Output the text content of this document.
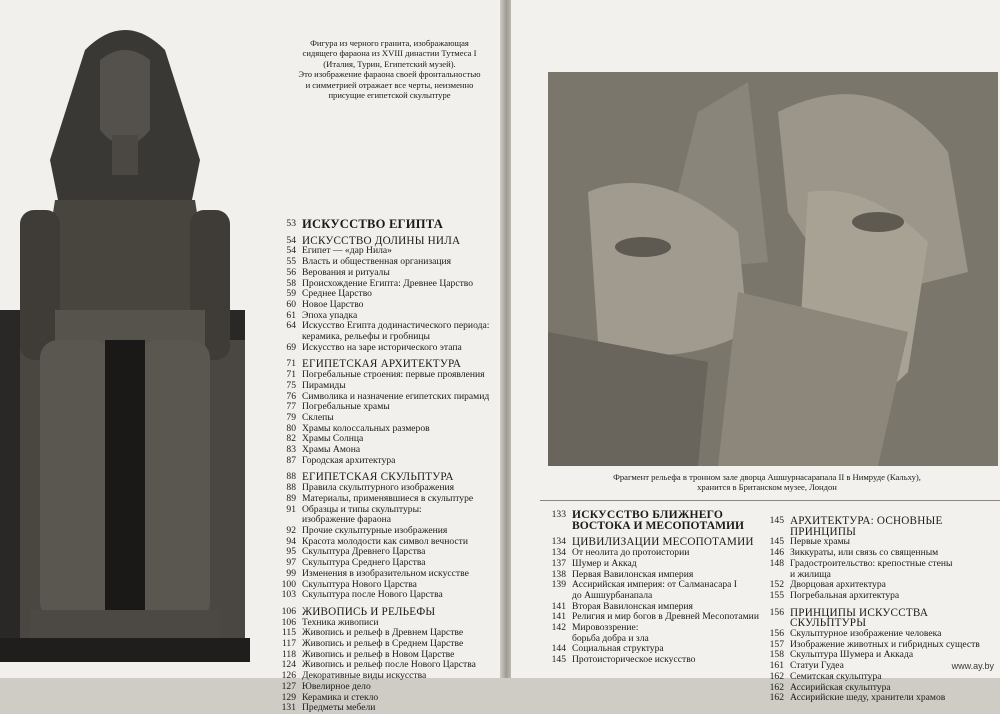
Фигура из черного гранита, изображающая
сидящего фараона из XVIII династии Тутмеса I
(Италия, Турин, Египетский музей).
Это изображение фараона своей фронтальностью
и симметрией отражает все черты, неизменно
присущие египетской скульптуре
53 ИСКУССТВО ЕГИПТА
54 ИСКУССТВО ДОЛИНЫ НИЛА
54 Египет — «дар Нила»
55 Власть и общественная организация
56 Верования и ритуалы
58 Происхождение Египта: Древнее Царство
59 Среднее Царство
60 Новое Царство
61 Эпоха упадка
64 Искусство Египта додинастического периода:
керамика, рельефы и гробницы
69 Искусство на заре исторического этапа
71 ЕГИПЕТСКАЯ АРХИТЕКТУРА
71 Погребальные строения: первые проявления
75 Пирамиды
76 Символика и назначение египетских пирамид
77 Погребальные храмы
79 Склепы
80 Храмы колоссальных размеров
82 Храмы Солнца
83 Храмы Амона
87 Городская архитектура
88 ЕГИПЕТСКАЯ СКУЛЬПТУРА
88 Правила скульптурного изображения
89 Материалы, применявшиеся в скульптуре
91 Образцы и типы скульптуры:
изображение фараона
92 Прочие скульптурные изображения
94 Красота молодости как символ вечности
95 Скульптура Древнего Царства
97 Скульптура Среднего Царства
99 Изменения в изобразительном искусстве
100 Скульптура Нового Царства
103 Скульптура после Нового Царства
106 ЖИВОПИСЬ И РЕЛЬЕФЫ
106 Техника живописи
115 Живопись и рельеф в Древнем Царстве
117 Живопись и рельеф в Среднем Царстве
118 Живопись и рельеф в Новом Царстве
124 Живопись и рельеф после Нового Царства
126 Декоративные виды искусства
127 Ювелирное дело
129 Керамика и стекло
131 Предметы мебели
Фрагмент рельефа в тронном зале дворца Ашшурнасарапала II в Нимруде (Кальху),
хранится в Британском музее, Лондон
133 ИСКУССТВО БЛИЖНЕГО
ВОСТОКА И МЕСОПОТАМИИ
134 ЦИВИЛИЗАЦИИ МЕСОПОТАМИИ
134 От неолита до протоистории
137 Шумер и Аккад
138 Первая Вавилонская империя
139 Ассирийская империя: от Салманасара I
до Ашшурбанапала
141 Вторая Вавилонская империя
141 Религия и мир богов в Древней Месопотамии
142 Мировоззрение:
борьба добра и зла
144 Социальная структура
145 Протоисторическое искусство
145 АРХИТЕКТУРА: ОСНОВНЫЕ ПРИНЦИПЫ
145 Первые храмы
146 Зиккураты, или связь со священным
148 Градостроительство: крепостные стены
и жилища
152 Дворцовая архитектура
155 Погребальная архитектура
156 ПРИНЦИПЫ ИСКУССТВА СКУЛЬПТУРЫ
156 Скульптурное изображение человека
157 Изображение животных и гибридных существ
158 Скульптура Шумера и Аккада
161 Статуи Гудеа
162 Семитская скульптура
162 Ассирийская скульптура
162 Ассирийские шеду, хранители храмов
www.ay.by
